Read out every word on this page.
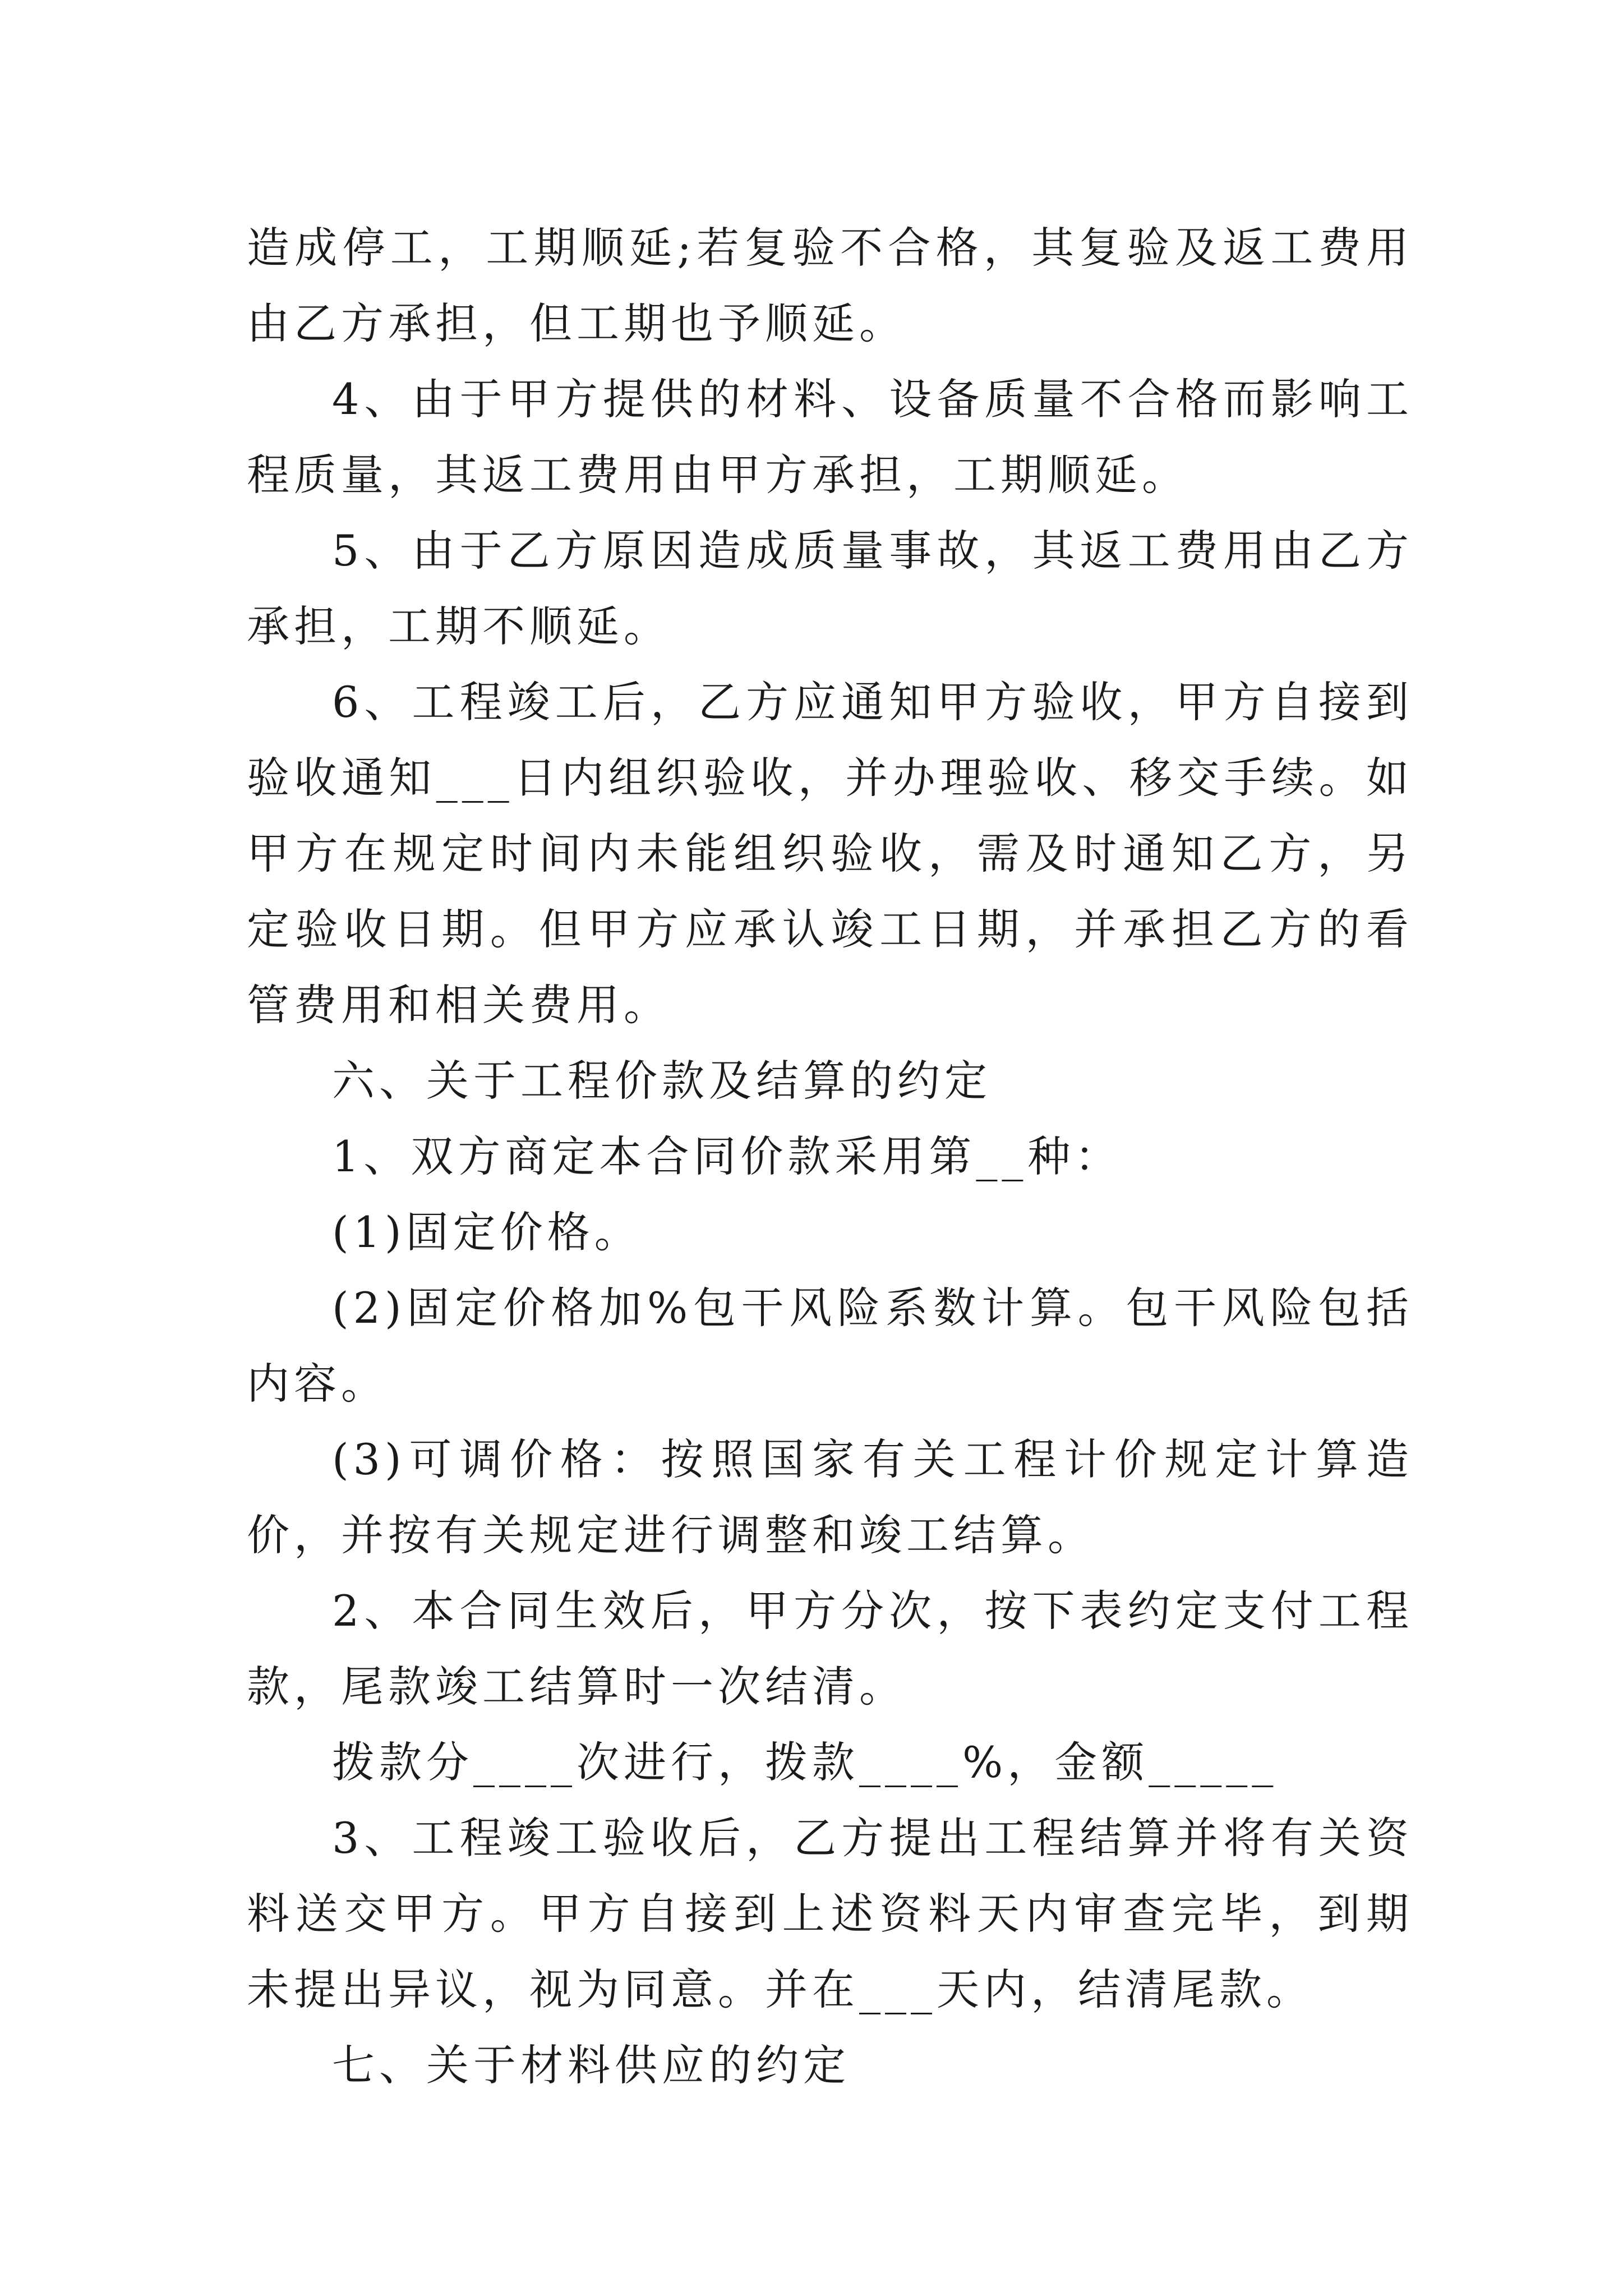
造成停工，工期顺延;若复验不合格，其复验及返工费用由乙方承担，但工期也予顺延。

4、由于甲方提供的材料、设备质量不合格而影响工程质量，其返工费用由甲方承担，工期顺延。

5、由于乙方原因造成质量事故，其返工费用由乙方承担，工期不顺延。

6、工程竣工后，乙方应通知甲方验收，甲方自接到验收通知___日内组织验收，并办理验收、移交手续。如甲方在规定时间内未能组织验收，需及时通知乙方，另定验收日期。但甲方应承认竣工日期，并承担乙方的看管费用和相关费用。

六、关于工程价款及结算的约定

1、双方商定本合同价款采用第__种：

(1)固定价格。

(2)固定价格加%包干风险系数计算。包干风险包括内容。

(3)可调价格：按照国家有关工程计价规定计算造价，并按有关规定进行调整和竣工结算。

2、本合同生效后，甲方分次，按下表约定支付工程款，尾款竣工结算时一次结清。

拨款分____次进行，拨款____%，金额_____

3、工程竣工验收后，乙方提出工程结算并将有关资料送交甲方。甲方自接到上述资料天内审查完毕，到期未提出异议，视为同意。并在___天内，结清尾款。

七、关于材料供应的约定
